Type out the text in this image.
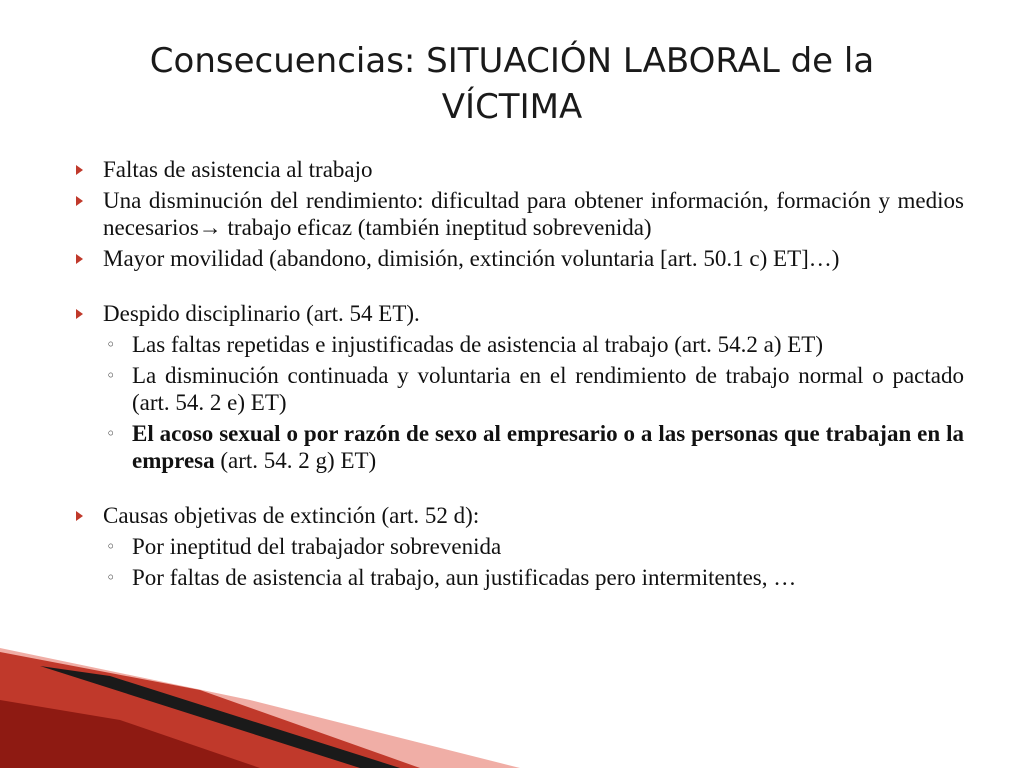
Consecuencias: SITUACIÓN LABORAL de la VÍCTIMA
Faltas de asistencia al trabajo
Una disminución del rendimiento: dificultad para obtener información, formación y medios necesarios→ trabajo eficaz (también ineptitud sobrevenida)
Mayor movilidad (abandono, dimisión, extinción voluntaria [art. 50.1 c) ET]…)
Despido disciplinario (art. 54 ET).
◦ Las faltas repetidas e injustificadas de asistencia al trabajo (art. 54.2 a) ET)
◦ La disminución continuada y voluntaria en el rendimiento de trabajo normal o pactado (art. 54. 2 e) ET)
◦ El acoso sexual o por razón de sexo al empresario o a las personas que trabajan en la empresa (art. 54. 2 g) ET)
Causas objetivas de extinción (art. 52 d):
◦ Por ineptitud del trabajador sobrevenida
◦ Por faltas de asistencia al trabajo, aun justificadas pero intermitentes, …
